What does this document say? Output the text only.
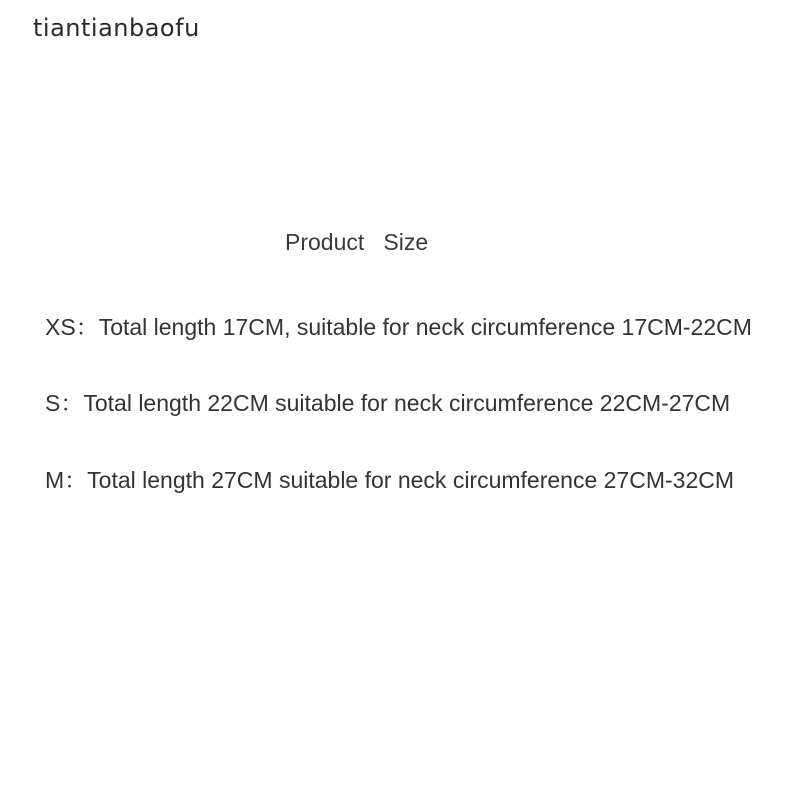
tiantianbaofu
Product   Size
XS：Total length 17CM, suitable for neck circumference 17CM-22CM
S：Total length 22CM suitable for neck circumference 22CM-27CM
M：Total length 27CM suitable for neck circumference 27CM-32CM
